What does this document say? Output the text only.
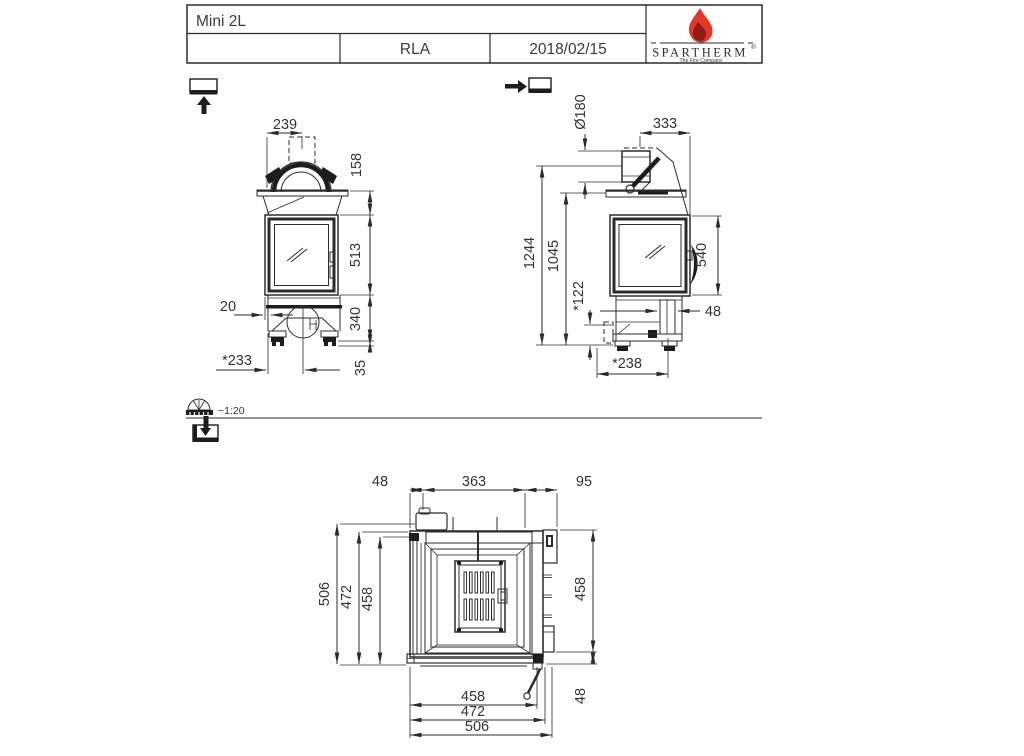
Mini 2L
RLA	2018/02/15	SPARTHERM ®
The Fire Company
~1:20
239
158
513
340
35
20
*233
Ø180	333
1244 1045
*122
540
48
*238
48	363	95
506 472 458	458
48
458
472
506
